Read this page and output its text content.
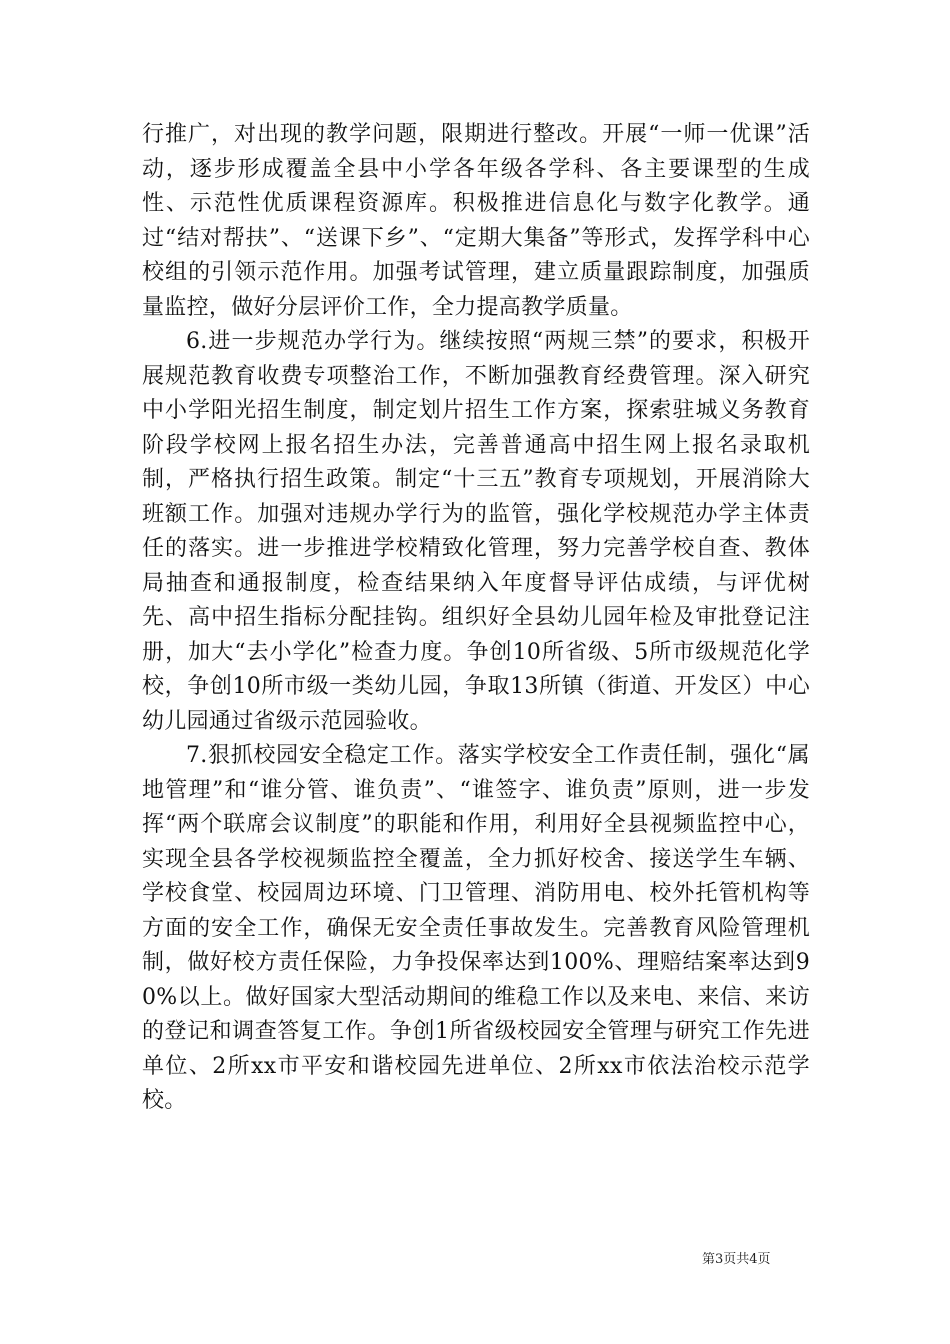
行推广，对出现的教学问题，限期进行整改。开展“一师一优课”活动，逐步形成覆盖全县中小学各年级各学科、各主要课型的生成性、示范性优质课程资源库。积极推进信息化与数字化教学。通过“结对帮扶”、“送课下乡”、“定期大集备”等形式，发挥学科中心校组的引领示范作用。加强考试管理，建立质量跟踪制度，加强质量监控，做好分层评价工作，全力提高教学质量。

6.进一步规范办学行为。继续按照“两规三禁”的要求，积极开展规范教育收费专项整治工作，不断加强教育经费管理。深入研究中小学阳光招生制度，制定划片招生工作方案，探索驻城义务教育阶段学校网上报名招生办法，完善普通高中招生网上报名录取机制，严格执行招生政策。制定“十三五”教育专项规划，开展消除大班额工作。加强对违规办学行为的监管，强化学校规范办学主体责任的落实。进一步推进学校精致化管理，努力完善学校自查、教体局抽查和通报制度，检查结果纳入年度督导评估成绩，与评优树先、高中招生指标分配挂钩。组织好全县幼儿园年检及审批登记注册，加大“去小学化”检查力度。争创10所省级、5所市级规范化学校，争创10所市级一类幼儿园，争取13所镇（街道、开发区）中心幼儿园通过省级示范园验收。

7.狠抓校园安全稳定工作。落实学校安全工作责任制，强化“属地管理”和“谁分管、谁负责”、“谁签字、谁负责”原则，进一步发挥“两个联席会议制度”的职能和作用，利用好全县视频监控中心，实现全县各学校视频监控全覆盖，全力抓好校舍、接送学生车辆、学校食堂、校园周边环境、门卫管理、消防用电、校外托管机构等方面的安全工作，确保无安全责任事故发生。完善教育风险管理机制，做好校方责任保险，力争投保率达到100%、理赔结案率达到90%以上。做好国家大型活动期间的维稳工作以及来电、来信、来访的登记和调查答复工作。争创1所省级校园安全管理与研究工作先进单位、2所xx市平安和谐校园先进单位、2所xx市依法治校示范学校。

第3页共4页
